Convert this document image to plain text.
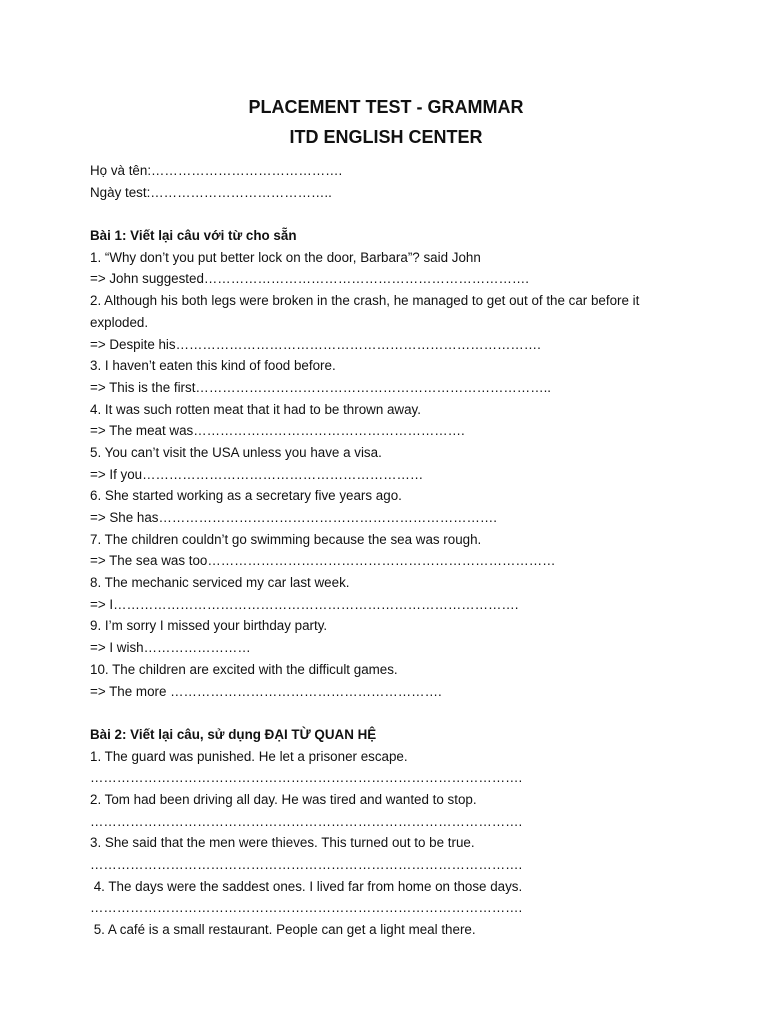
PLACEMENT TEST - GRAMMAR
ITD ENGLISH CENTER
Họ và tên:…………………………………….
Ngày test:…………………………………..
Bài 1: Viết lại câu với từ cho sẵn
1. “Why don’t you put better lock on the door, Barbara”? said John
=> John suggested……………………………………………………………….
2. Although his both legs were broken in the crash, he managed to get out of the car before it exploded.
=> Despite his……………………………………………………………………….
3. I haven’t eaten this kind of food before.
=> This is the first……………………………………………………………………..
4. It was such rotten meat that it had to be thrown away.
=> The meat was…………………………………………………….
5. You can’t visit the USA unless you have a visa.
=> If you………………………………………………………
6. She started working as a secretary five years ago.
=> She has………………………………………………………………….
7. The children couldn’t go swimming because the sea was rough.
=> The sea was too……………………………………………………………………
8. The mechanic serviced my car last week.
=> I……………………………………………………………………………….
9. I’m sorry I missed your birthday party.
=> I wish……………………
10. The children are excited with the difficult games.
=> The more …………………………………………………….
Bài 2: Viết lại câu, sử dụng ĐẠI TỪ QUAN HỆ
1. The guard was punished. He let a prisoner escape.
…………………………………………………………………………………….
2. Tom had been driving all day. He was tired and wanted to stop.
…………………………………………………………………………………….
3. She said that the men were thieves. This turned out to be true.
…………………………………………………………………………………….
4. The days were the saddest ones. I lived far from home on those days.
…………………………………………………………………………………….
5. A café is a small restaurant. People can get a light meal there.
